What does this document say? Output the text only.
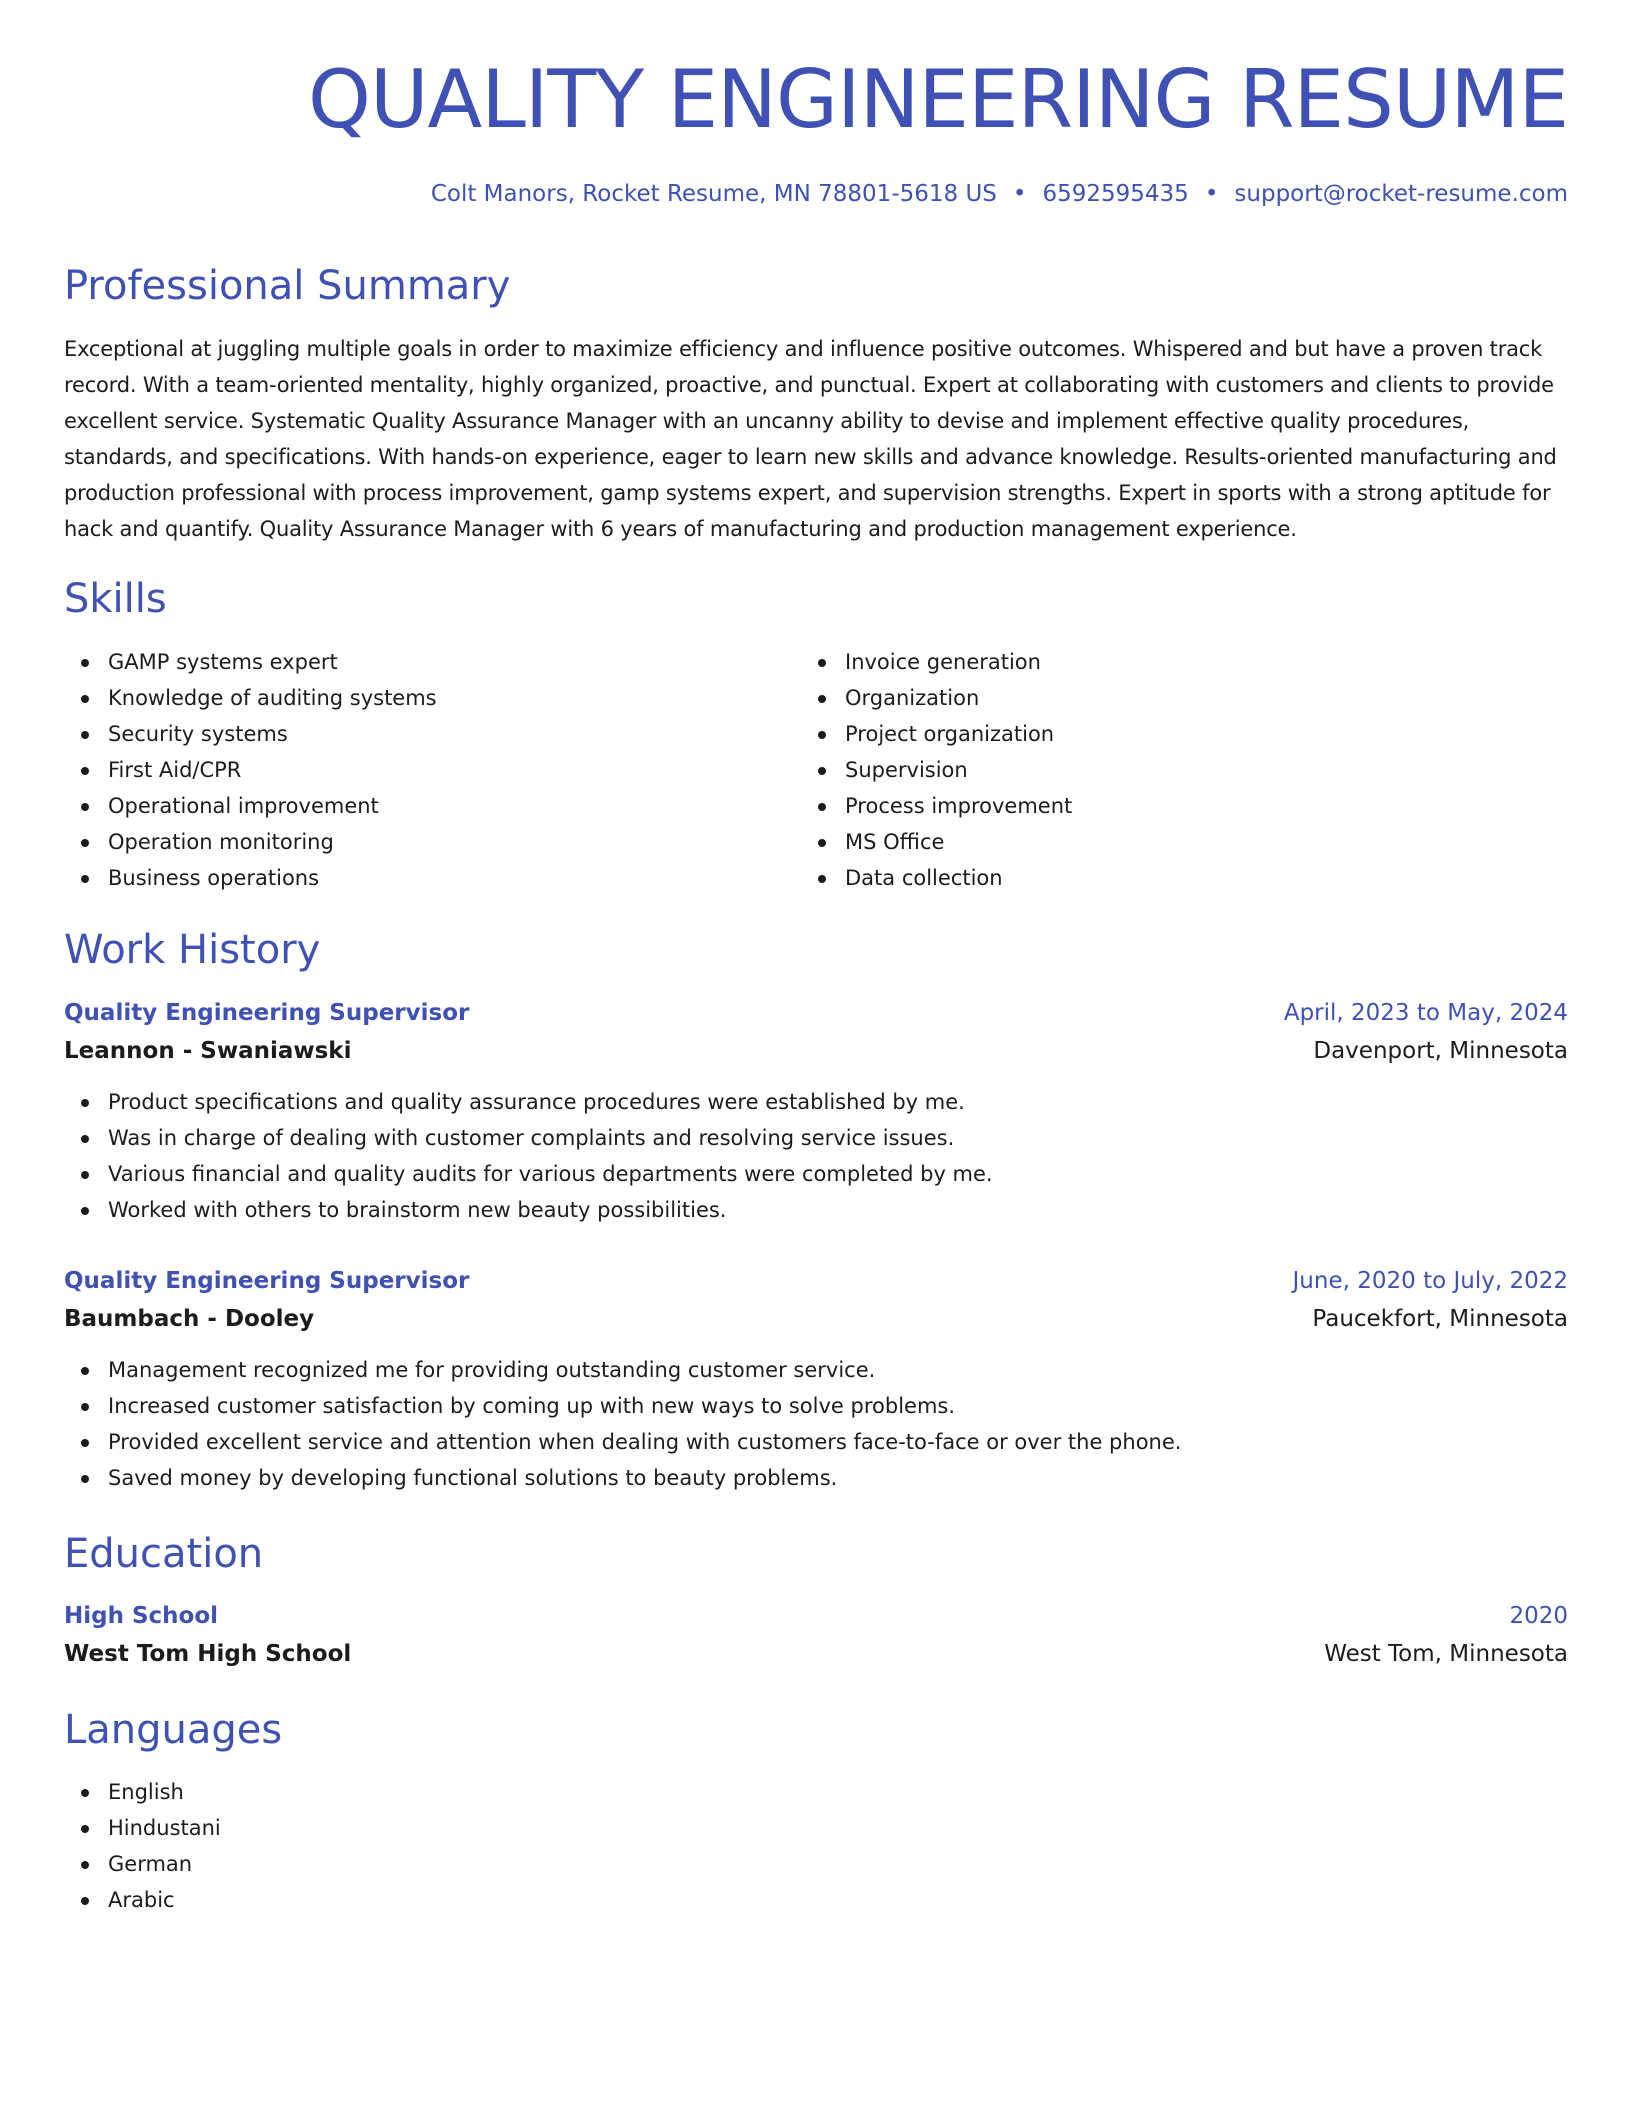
QUALITY ENGINEERING RESUME
Colt Manors, Rocket Resume, MN 78801-5618 US • 6592595435 • support@rocket-resume.com
Professional Summary

Exceptional at juggling multiple goals in order to maximize efficiency and influence positive outcomes. Whispered and but have a proven track record. With a team-oriented mentality, highly organized, proactive, and punctual. Expert at collaborating with customers and clients to provide excellent service. Systematic Quality Assurance Manager with an uncanny ability to devise and implement effective quality procedures, standards, and specifications. With hands-on experience, eager to learn new skills and advance knowledge. Results-oriented manufacturing and production professional with process improvement, gamp systems expert, and supervision strengths. Expert in sports with a strong aptitude for hack and quantify. Quality Assurance Manager with 6 years of manufacturing and production management experience.

Skills
GAMP systems expert
Knowledge of auditing systems
Security systems
First Aid/CPR
Operational improvement
Operation monitoring
Business operations
Invoice generation
Organization
Project organization
Supervision
Process improvement
MS Office
Data collection
Work History
Quality Engineering Supervisor	April, 2023 to May, 2024
Leannon - Swaniawski	Davenport, Minnesota
Product specifications and quality assurance procedures were established by me.
Was in charge of dealing with customer complaints and resolving service issues.
Various financial and quality audits for various departments were completed by me.
Worked with others to brainstorm new beauty possibilities.
Quality Engineering Supervisor	June, 2020 to July, 2022
Baumbach - Dooley	Paucekfort, Minnesota
Management recognized me for providing outstanding customer service.
Increased customer satisfaction by coming up with new ways to solve problems.
Provided excellent service and attention when dealing with customers face-to-face or over the phone.
Saved money by developing functional solutions to beauty problems.
Education
High School	2020
West Tom High School	West Tom, Minnesota
Languages
English
Hindustani
German
Arabic
